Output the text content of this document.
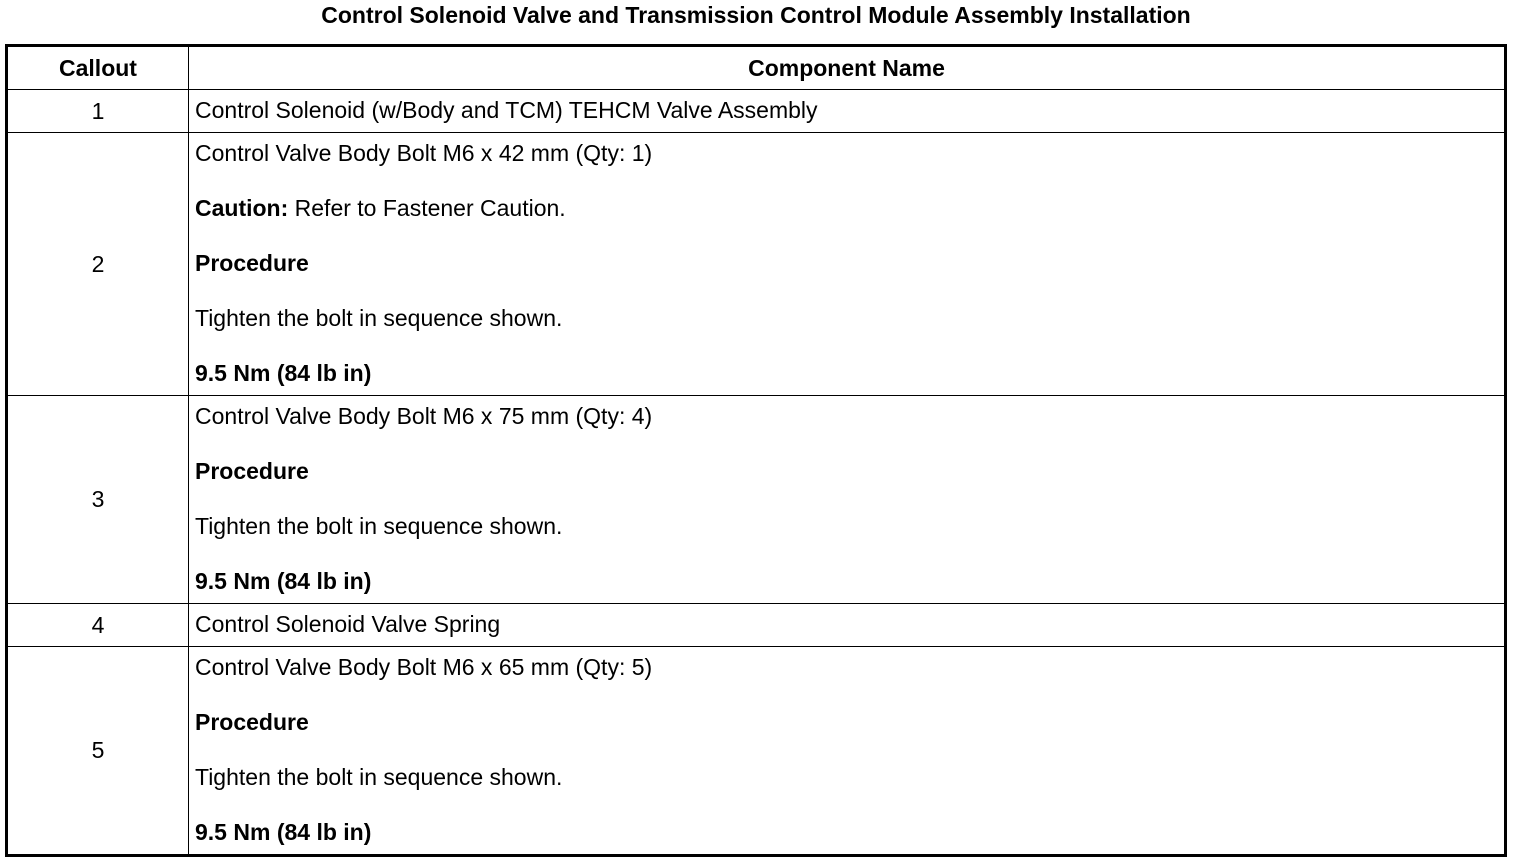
Control Solenoid Valve and Transmission Control Module Assembly Installation
Callout	Component Name
1	Control Solenoid (w/Body and TCM) TEHCM Valve Assembly

2	Control Valve Body Bolt M6 x 42 mm (Qty: 1)
Caution: Refer to Fastener Caution.
Procedure
Tighten the bolt in sequence shown.
9.5 Nm (84 lb in)

3	Control Valve Body Bolt M6 x 75 mm (Qty: 4)
Procedure
Tighten the bolt in sequence shown.
9.5 Nm (84 lb in)

4	Control Solenoid Valve Spring

5	Control Valve Body Bolt M6 x 65 mm (Qty: 5)
Procedure
Tighten the bolt in sequence shown.
9.5 Nm (84 lb in)
